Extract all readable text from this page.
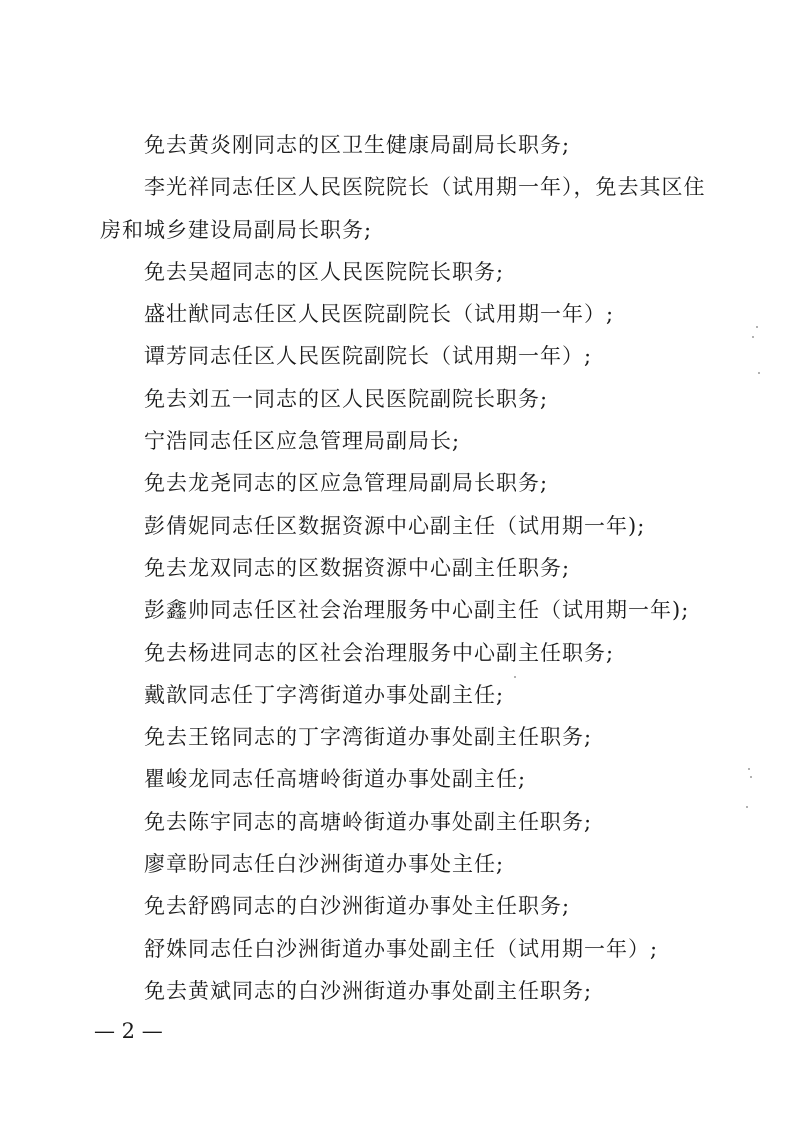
免去黄炎刚同志的区卫生健康局副局长职务;
李光祥同志任区人民医院院长（试用期一年），免去其区住
房和城乡建设局副局长职务;
免去吴超同志的区人民医院院长职务;
盛壮猷同志任区人民医院副院长（试用期一年）;
谭芳同志任区人民医院副院长（试用期一年）;
免去刘五一同志的区人民医院副院长职务;
宁浩同志任区应急管理局副局长;
免去龙尧同志的区应急管理局副局长职务;
彭倩妮同志任区数据资源中心副主任（试用期一年);
免去龙双同志的区数据资源中心副主任职务;
彭鑫帅同志任区社会治理服务中心副主任（试用期一年);
免去杨进同志的区社会治理服务中心副主任职务;
戴歆同志任丁字湾街道办事处副主任;
免去王铭同志的丁字湾街道办事处副主任职务;
瞿峻龙同志任高塘岭街道办事处副主任;
免去陈宇同志的高塘岭街道办事处副主任职务;
廖章盼同志任白沙洲街道办事处主任;
免去舒鸥同志的白沙洲街道办事处主任职务;
舒姝同志任白沙洲街道办事处副主任（试用期一年）;
免去黄斌同志的白沙洲街道办事处副主任职务;
— 2 —
